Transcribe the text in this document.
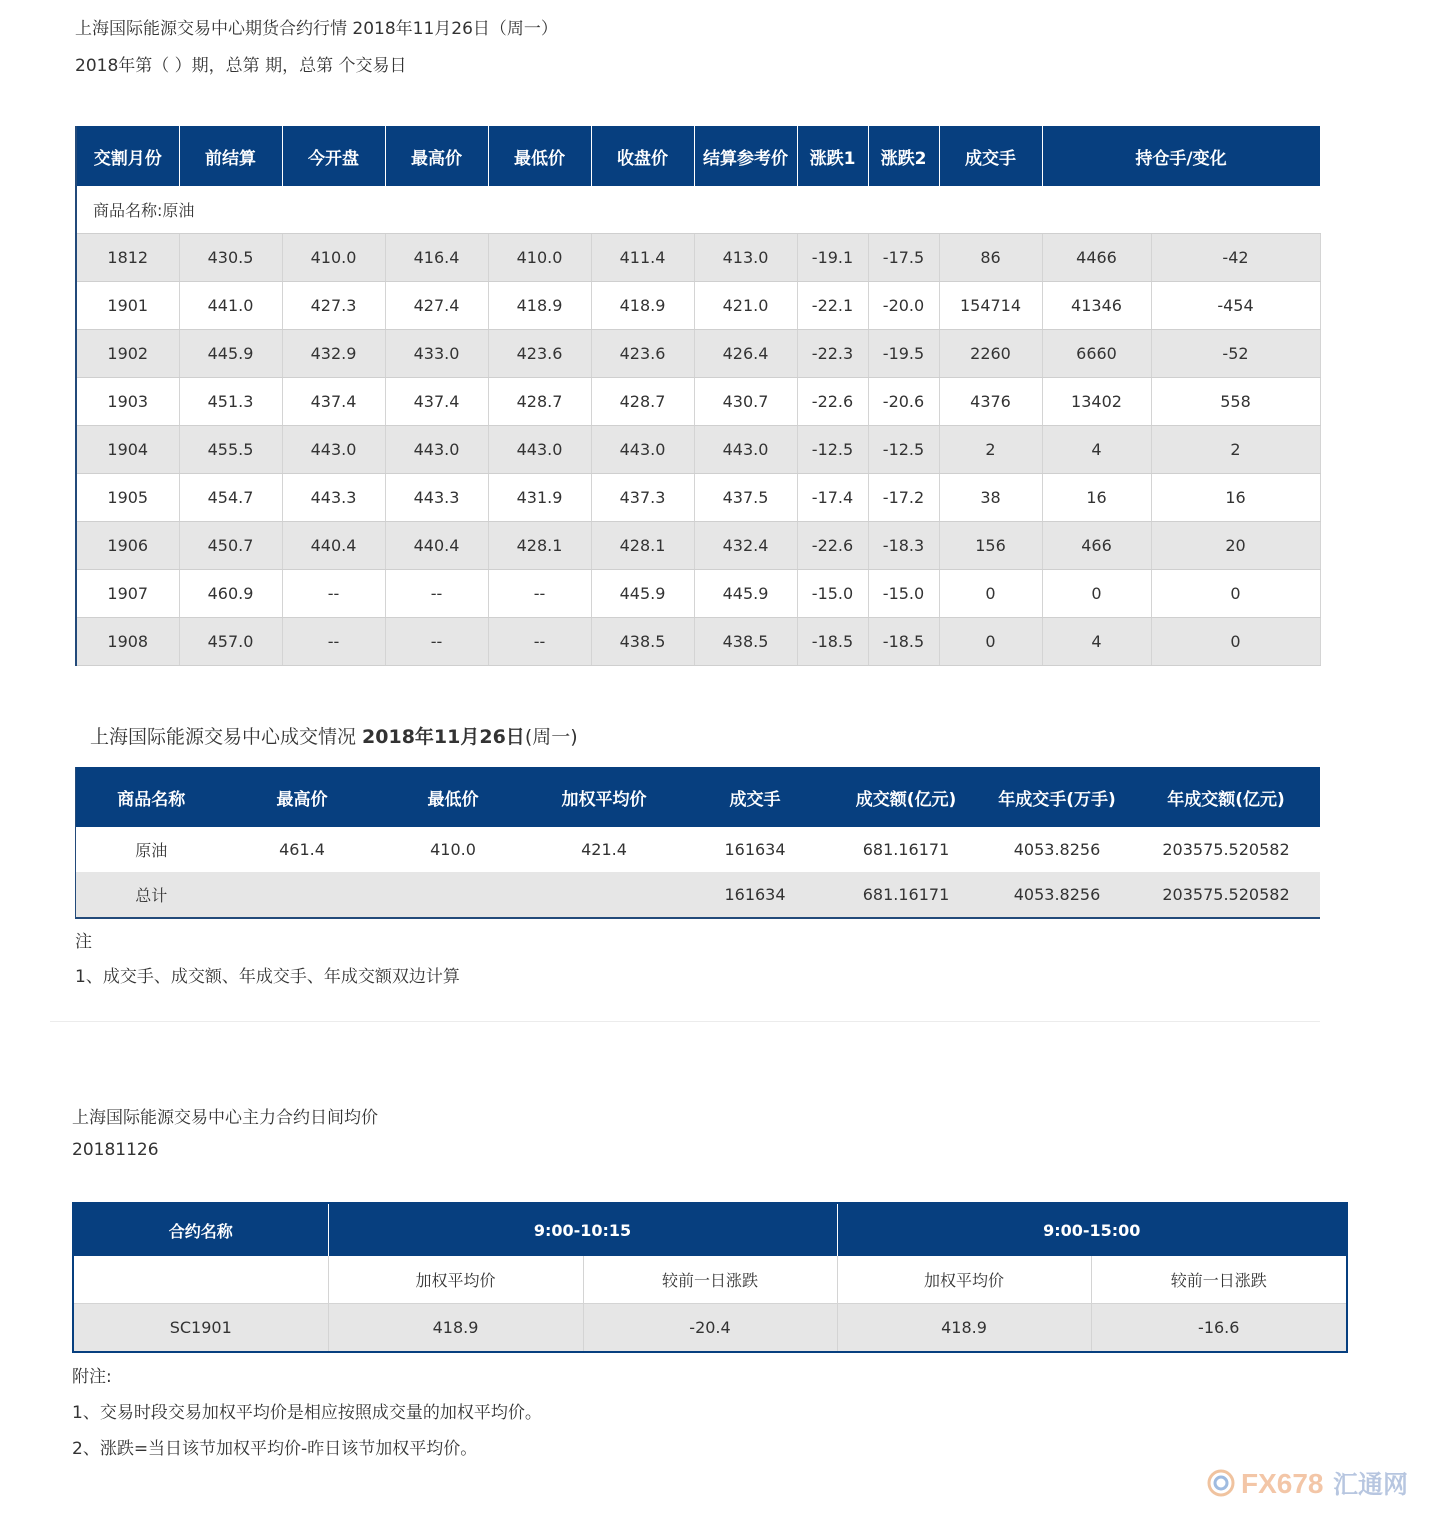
上海国际能源交易中心期货合约行情 2018年11月26日（周一）
2018年第（ ）期，总第 期，总第 个交易日
交割月份	前结算	今开盘	最高价	最低价	收盘价	结算参考价	涨跌1	涨跌2	成交手	持仓手/变化	
商品名称:原油											
1812	430.5	410.0	416.4	410.0	411.4	413.0	-19.1	-17.5	86	4466	-42
1901	441.0	427.3	427.4	418.9	418.9	421.0	-22.1	-20.0	154714	41346	-454
1902	445.9	432.9	433.0	423.6	423.6	426.4	-22.3	-19.5	2260	6660	-52
1903	451.3	437.4	437.4	428.7	428.7	430.7	-22.6	-20.6	4376	13402	558
1904	455.5	443.0	443.0	443.0	443.0	443.0	-12.5	-12.5	2	4	2
1905	454.7	443.3	443.3	431.9	437.3	437.5	-17.4	-17.2	38	16	16
1906	450.7	440.4	440.4	428.1	428.1	432.4	-22.6	-18.3	156	466	20
1907	460.9	--	--	--	445.9	445.9	-15.0	-15.0	0	0	0
1908	457.0	--	--	--	438.5	438.5	-18.5	-18.5	0	4	0
上海国际能源交易中心成交情况 2018年11月26日(周一)
商品名称	最高价	最低价	加权平均价	成交手	成交额(亿元)	年成交手(万手)	年成交额(亿元)
原油	461.4	410.0	421.4	161634	681.16171	4053.8256	203575.520582
总计				161634	681.16171	4053.8256	203575.520582
注
1、成交手、成交额、年成交手、年成交额双边计算
上海国际能源交易中心主力合约日间均价
20181126
合约名称	9:00-10:15		9:00-15:00	
	加权平均价	较前一日涨跌	加权平均价	较前一日涨跌
SC1901	418.9	-20.4	418.9	-16.6
附注:
1、交易时段交易加权平均价是相应按照成交量的加权平均价。
2、涨跌=当日该节加权平均价-昨日该节加权平均价。
FX678 汇通网
